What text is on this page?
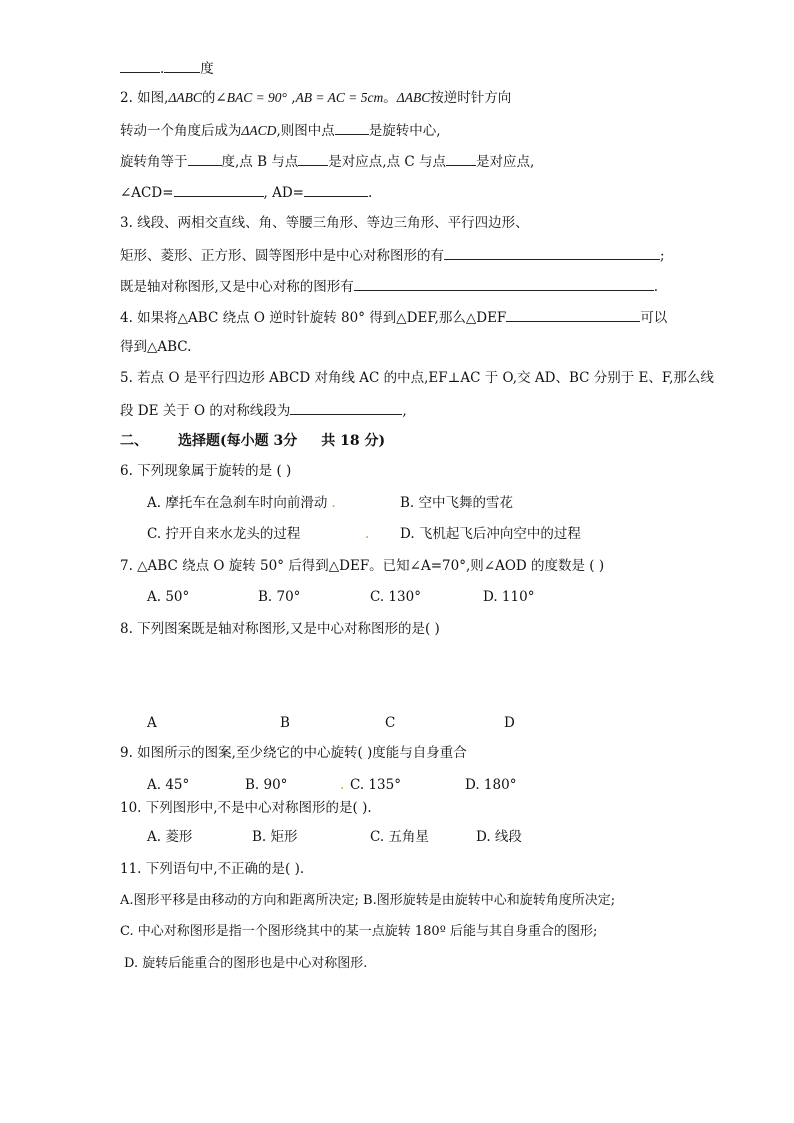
.	度
2. 如图,ΔABC的∠BAC = 90° ,AB = AC = 5cm。ΔABC按逆时针方向
转动一个角度后成为ΔACD,则图中点	是旋转中心,
旋转角等于	度,点 B 与点 是对应点,点 C 与点 是对应点,
∠ACD=	, AD=	.
3. 线段、两相交直线、角、等腰三角形、等边三角形、平行四边形、
矩形、菱形、正方形、圆等图形中是中心对称图形的有	;
既是轴对称图形,又是中心对称的图形有	.
4. 如果将△ABC 绕点 O 逆时针旋转 80° 得到△DEF,那么△DEF	可以
得到△ABC.
5. 若点 O 是平行四边形 ABCD 对角线 AC 的中点,EF⊥AC 于 O,交 AD、BC 分别于 E、F,那么线
段 DE 关于 O 的对称线段为	,
二、 选择题(每小题 3分 共 18 分)
6. 下列现象属于旋转的是 ( )
A. 摩托车在急刹车时向前滑动 .	B. 空中飞舞的雪花
C. 拧开自来水龙头的过程	. D. 飞机起飞后冲向空中的过程
7. △ABC 绕点 O 旋转 50° 后得到△DEF。已知∠A=70°,则∠AOD 的度数是 ( )
A. 50°	B. 70°	C. 130°	D. 110°
8. 下列图案既是轴对称图形,又是中心对称图形的是( )
A	B	C	D
9. 如图所示的图案,至少绕它的中心旋转( )度能与自身重合
A. 45°	B. 90°	. C. 135°	D. 180°
10. 下列图形中,不是中心对称图形的是( ).
A. 菱形	B. 矩形	C. 五角星	D. 线段
11. 下列语句中,不正确的是( ).
A.图形平移是由移动的方向和距离所决定; B.图形旋转是由旋转中心和旋转角度所决定;
C. 中心对称图形是指一个图形绕其中的某一点旋转 180º 后能与其自身重合的图形;
D. 旋转后能重合的图形也是中心对称图形.
